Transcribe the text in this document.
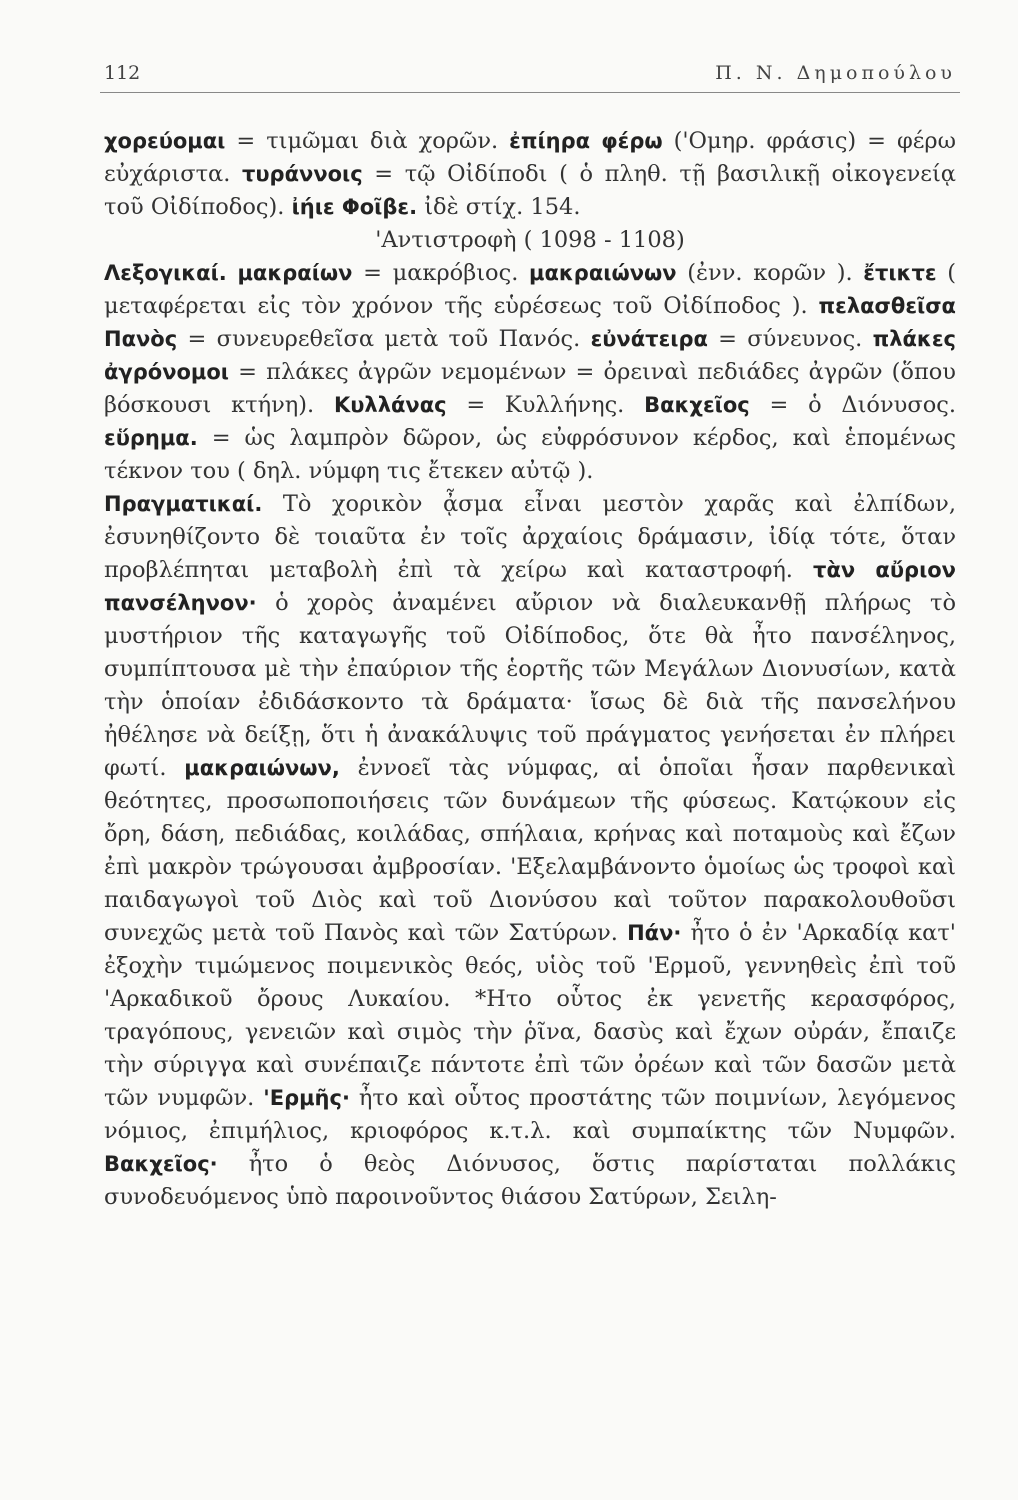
112	Π. Ν. Δημοπούλου

χορεύομαι = τιμῶμαι διὰ χορῶν. ἐπίηρα φέρω ('Ομηρ. φράσις) = φέρω εὐχάριστα. τυράννοις = τῷ Οἰδίποδι ( ὁ πληθ. τῇ βασιλικῇ οἰκογενείᾳ τοῦ Οἰδίποδος). ἰήιε Φοῖβε. ἰδὲ στίχ. 154.

'Αντιστροφὴ ( 1098 - 1108)

Λεξογικαί. μακραίων = μακρόβιος. μακραιώνων (ἐνν. κορῶν ). ἔτικτε ( μεταφέρεται εἰς τὸν χρόνον τῆς εὑρέσεως τοῦ Οἰδίποδος ). πελασθεῖσα Πανὸς = συνευρεθεῖσα μετὰ τοῦ Πανός. εὐνάτειρα = σύνευνος. πλάκες ἀγρόνομοι = πλάκες ἀγρῶν νεμομένων = ὀρειναὶ πεδιάδες ἀγρῶν (ὅπου βόσκουσι κτήνη). Κυλλάνας = Κυλλήνης. Βακχεῖος = ὁ Διόνυσος. εὕρημα. = ὡς λαμπρὸν δῶρον, ὡς εὐφρόσυνον κέρδος, καὶ ἑπομένως τέκνον του ( δηλ. νύμφη τις ἔτεκεν αὐτῷ ).

Πραγματικαί. Τὸ χορικὸν ᾆσμα εἶναι μεστὸν χαρᾶς καὶ ἐλπίδων, ἐσυνηθίζοντο δὲ τοιαῦτα ἐν τοῖς ἀρχαίοις δράμασιν, ἰδίᾳ τότε, ὅταν προβλέπηται μεταβολὴ ἐπὶ τὰ χείρω καὶ καταστροφή. τὰν αὔριον πανσέληνον· ὁ χορὸς ἀναμένει αὔριον νὰ διαλευκανθῇ πλήρως τὸ μυστήριον τῆς καταγωγῆς τοῦ Οἰδίποδος, ὅτε θὰ ἦτο πανσέληνος, συμπίπτουσα μὲ τὴν ἐπαύριον τῆς ἑορτῆς τῶν Μεγάλων Διονυσίων, κατὰ τὴν ὁποίαν ἐδιδάσκοντο τὰ δράματα· ἴσως δὲ διὰ τῆς πανσελήνου ἠθέλησε νὰ δείξῃ, ὅτι ἡ ἀνακάλυψις τοῦ πράγματος γενήσεται ἐν πλήρει φωτί. μακραιώνων, ἐννοεῖ τὰς νύμφας, αἱ ὁποῖαι ἦσαν παρθενικαὶ θεότητες, προσωποποιήσεις τῶν δυνάμεων τῆς φύσεως. Κατῴκουν εἰς ὄρη, δάση, πεδιάδας, κοιλάδας, σπήλαια, κρήνας καὶ ποταμοὺς καὶ ἔζων ἐπὶ μακρὸν τρώγουσαι ἀμβροσίαν. 'Εξελαμβάνοντο ὁμοίως ὡς τροφοὶ καὶ παιδαγωγοὶ τοῦ Διὸς καὶ τοῦ Διονύσου καὶ τοῦτον παρακολουθοῦσι συνεχῶς μετὰ τοῦ Πανὸς καὶ τῶν Σατύρων. Πάν· ἦτο ὁ ἐν 'Αρκαδίᾳ κατ' ἐξοχὴν τιμώμενος ποιμενικὸς θεός, υἱὸς τοῦ 'Ερμοῦ, γεννηθεὶς ἐπὶ τοῦ 'Αρκαδικοῦ ὄρους Λυκαίου. *Ητο οὗτος ἐκ γενετῆς κερασφόρος, τραγόπους, γενειῶν καὶ σιμὸς τὴν ῥῖνα, δασὺς καὶ ἔχων οὐράν, ἔπαιζε τὴν σύριγγα καὶ συνέπαιζε πάντοτε ἐπὶ τῶν ὀρέων καὶ τῶν δασῶν μετὰ τῶν νυμφῶν. 'Ερμῆς· ἦτο καὶ οὗτος προστάτης τῶν ποιμνίων, λεγόμενος νόμιος, ἐπιμήλιος, κριοφόρος κ.τ.λ. καὶ συμπαίκτης τῶν Νυμφῶν. Βακχεῖος· ἦτο ὁ θεὸς Διόνυσος, ὅστις παρίσταται πολλάκις συνοδευόμενος ὑπὸ παροινοῦντος θιάσου Σατύρων, Σειλη-
